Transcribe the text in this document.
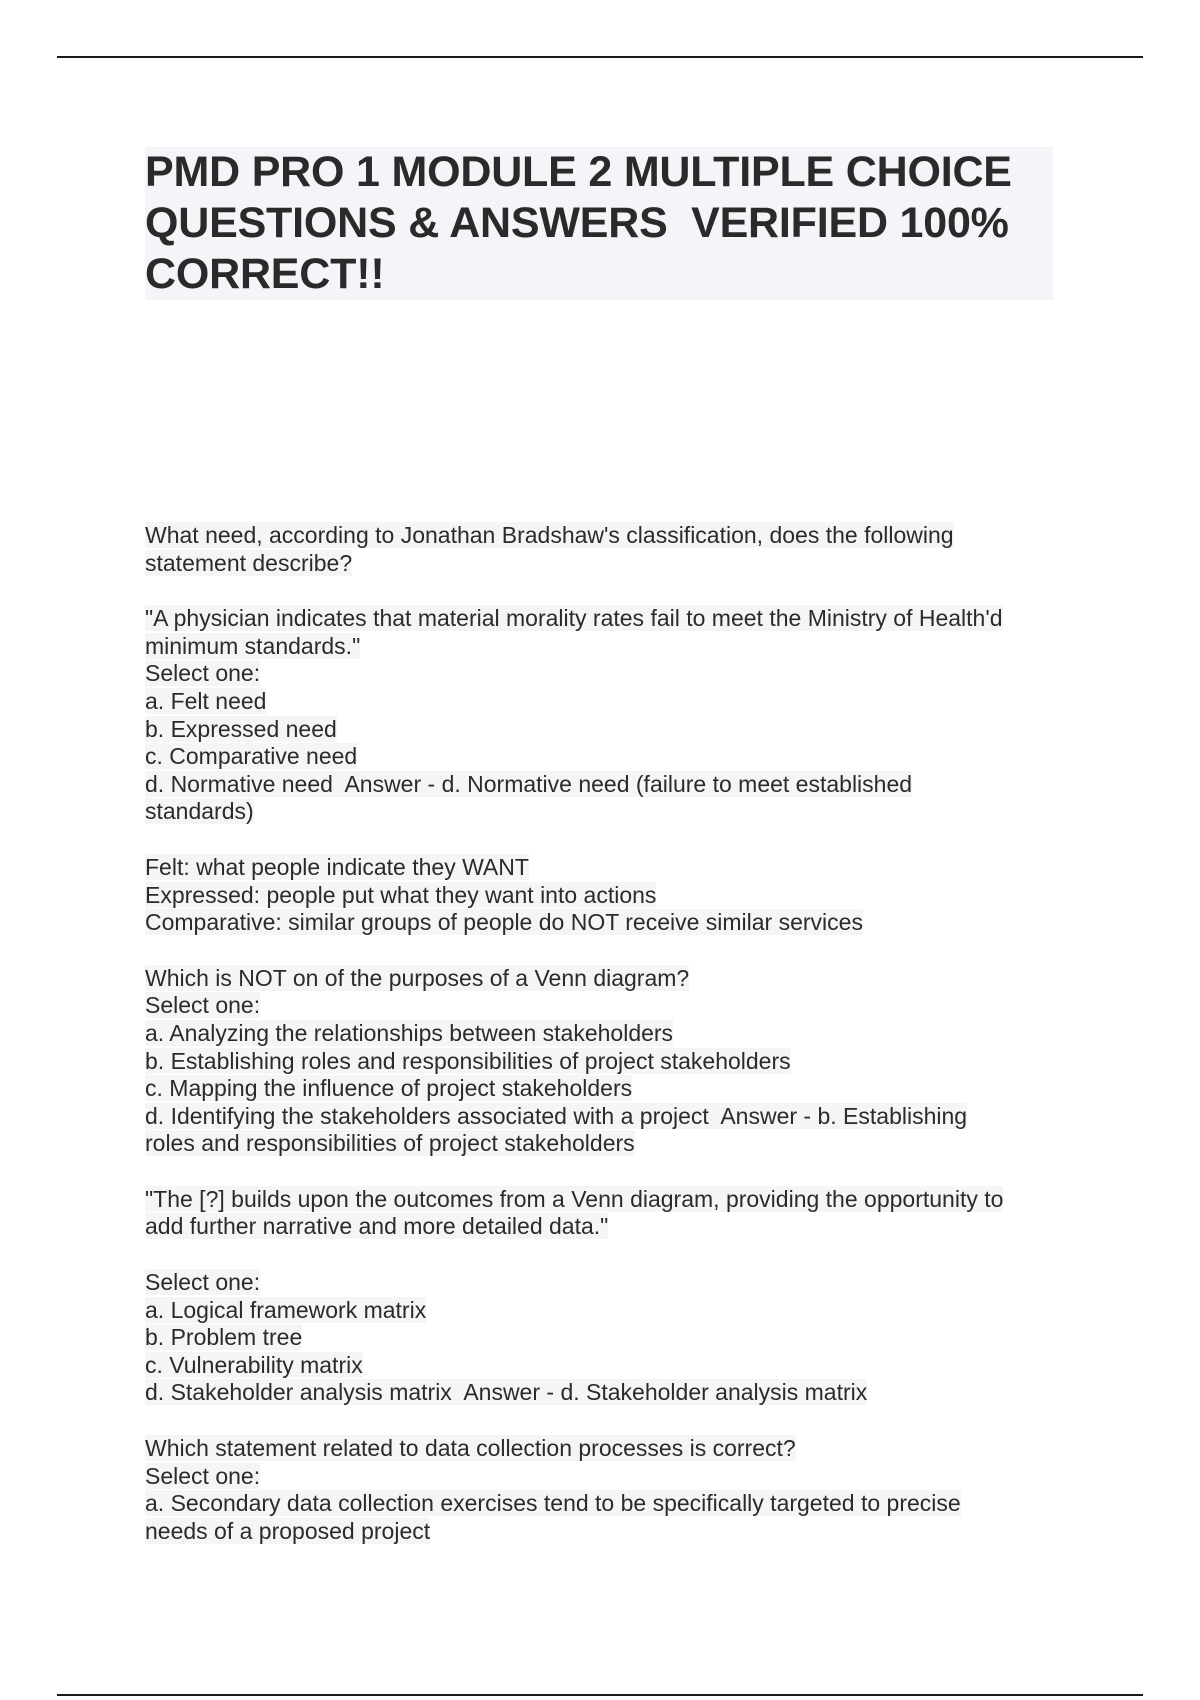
PMD PRO 1 MODULE 2 MULTIPLE CHOICE
QUESTIONS & ANSWERS  VERIFIED 100%
CORRECT!!
What need, according to Jonathan Bradshaw's classification, does the following
statement describe?
"A physician indicates that material morality rates fail to meet the Ministry of Health'd
minimum standards."
Select one:
a. Felt need
b. Expressed need
c. Comparative need
d. Normative need  Answer - d. Normative need (failure to meet established
standards)
Felt: what people indicate they WANT
Expressed: people put what they want into actions
Comparative: similar groups of people do NOT receive similar services
Which is NOT on of the purposes of a Venn diagram?
Select one:
a. Analyzing the relationships between stakeholders
b. Establishing roles and responsibilities of project stakeholders
c. Mapping the influence of project stakeholders
d. Identifying the stakeholders associated with a project  Answer - b. Establishing
roles and responsibilities of project stakeholders
"The [?] builds upon the outcomes from a Venn diagram, providing the opportunity to
add further narrative and more detailed data."
Select one:
a. Logical framework matrix
b. Problem tree
c. Vulnerability matrix
d. Stakeholder analysis matrix  Answer - d. Stakeholder analysis matrix
Which statement related to data collection processes is correct?
Select one:
a. Secondary data collection exercises tend to be specifically targeted to precise
needs of a proposed project
